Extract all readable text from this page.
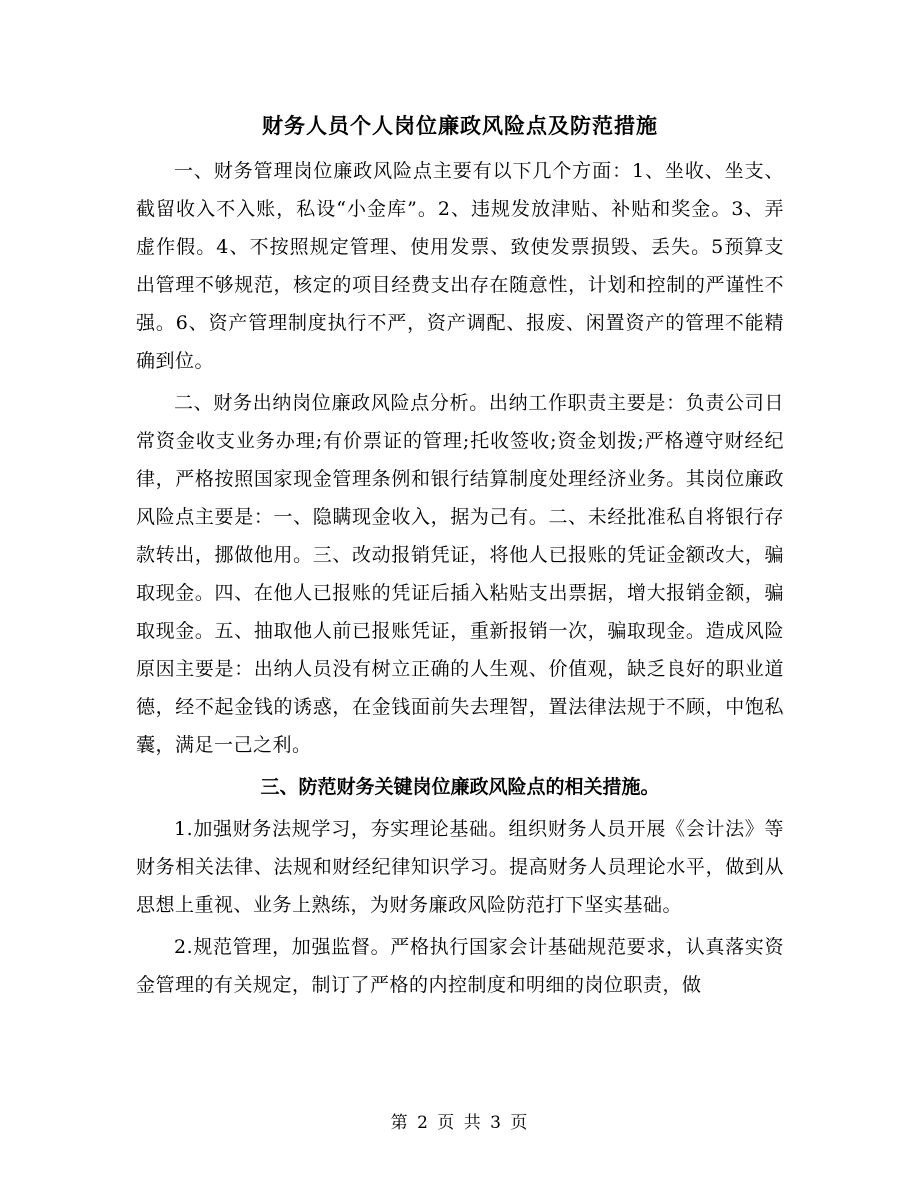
财务人员个人岗位廉政风险点及防范措施

一、财务管理岗位廉政风险点主要有以下几个方面：1、坐收、坐支、截留收入不入账，私设“小金库”。2、违规发放津贴、补贴和奖金。3、弄虚作假。4、不按照规定管理、使用发票、致使发票损毁、丢失。5预算支出管理不够规范，核定的项目经费支出存在随意性，计划和控制的严谨性不强。6、资产管理制度执行不严，资产调配、报废、闲置资产的管理不能精确到位。

二、财务出纳岗位廉政风险点分析。出纳工作职责主要是：负责公司日常资金收支业务办理;有价票证的管理;托收签收;资金划拨;严格遵守财经纪律，严格按照国家现金管理条例和银行结算制度处理经济业务。其岗位廉政风险点主要是：一、隐瞒现金收入，据为己有。二、未经批准私自将银行存款转出，挪做他用。三、改动报销凭证，将他人已报账的凭证金额改大，骗取现金。四、在他人已报账的凭证后插入粘贴支出票据，增大报销金额，骗取现金。五、抽取他人前已报账凭证，重新报销一次，骗取现金。造成风险原因主要是：出纳人员没有树立正确的人生观、价值观，缺乏良好的职业道德，经不起金钱的诱惑，在金钱面前失去理智，置法律法规于不顾，中饱私囊，满足一己之利。

三、防范财务关键岗位廉政风险点的相关措施。

1.加强财务法规学习，夯实理论基础。组织财务人员开展《会计法》等财务相关法律、法规和财经纪律知识学习。提高财务人员理论水平，做到从思想上重视、业务上熟练，为财务廉政风险防范打下坚实基础。

2.规范管理，加强监督。严格执行国家会计基础规范要求，认真落实资金管理的有关规定，制订了严格的内控制度和明细的岗位职责，做

第 2 页 共 3 页
